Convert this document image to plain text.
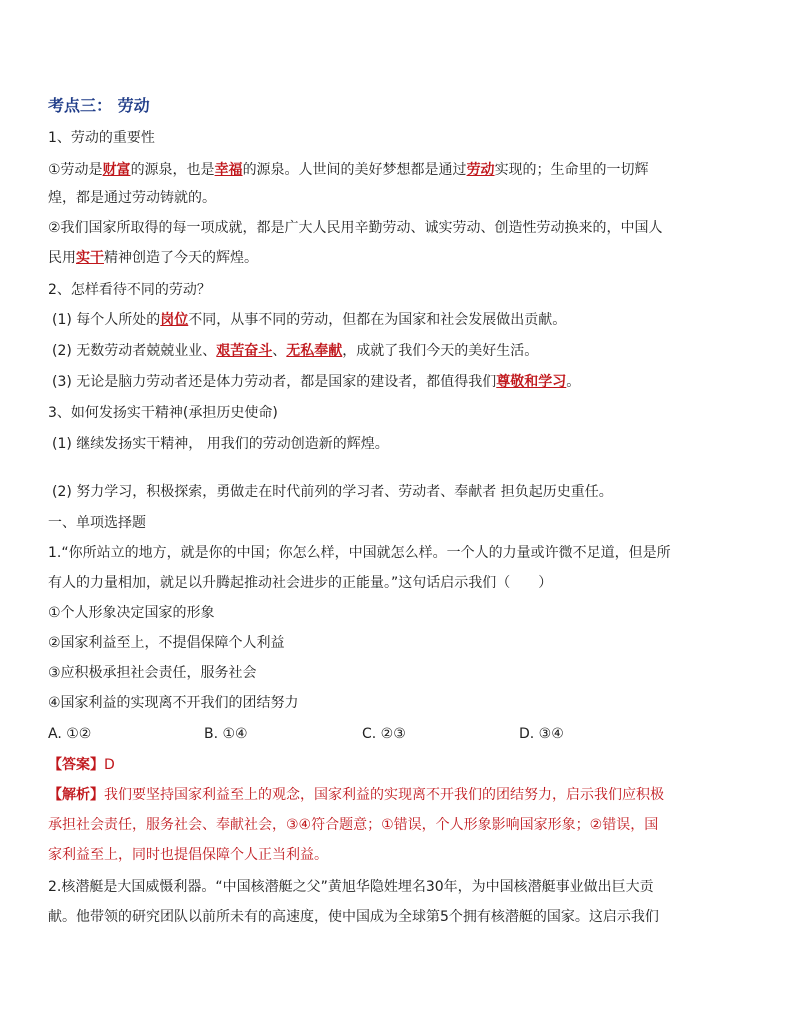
考点三： 劳动
1、劳动的重要性
①劳动是财富的源泉，也是幸福的源泉。人世间的美好梦想都是通过劳动实现的；生命里的一切辉
煌，都是通过劳动铸就的。
②我们国家所取得的每一项成就，都是广大人民用辛勤劳动、诚实劳动、创造性劳动换来的，中国人
民用实干精神创造了今天的辉煌。
2、怎样看待不同的劳动？
(1) 每个人所处的岗位不同，从事不同的劳动，但都在为国家和社会发展做出贡献。
(2) 无数劳动者兢兢业业、艰苦奋斗、无私奉献，成就了我们今天的美好生活。
(3) 无论是脑力劳动者还是体力劳动者，都是国家的建设者，都值得我们尊敬和学习。
3、如何发扬实干精神(承担历史使命)
(1) 继续发扬实干精神， 用我们的劳动创造新的辉煌。
(2) 努力学习，积极探索，勇做走在时代前列的学习者、劳动者、奉献者 担负起历史重任。
一、单项选择题
1.“你所站立的地方，就是你的中国；你怎么样，中国就怎么样。一个人的力量或许微不足道，但是所
有人的力量相加，就足以升腾起推动社会进步的正能量。”这句话启示我们（　　）
①个人形象决定国家的形象
②国家利益至上，不提倡保障个人利益
③应积极承担社会责任，服务社会
④国家利益的实现离不开我们的团结努力
A. ①②	B. ①④	C. ②③	D. ③④
【答案】D
【解析】我们要坚持国家利益至上的观念，国家利益的实现离不开我们的团结努力，启示我们应积极
承担社会责任，服务社会、奉献社会，③④符合题意；①错误，个人形象影响国家形象；②错误，国
家利益至上，同时也提倡保障个人正当利益。
2.核潜艇是大国威慑利器。“中国核潜艇之父”黄旭华隐姓埋名30年，为中国核潜艇事业做出巨大贡
献。他带领的研究团队以前所未有的高速度，使中国成为全球第5个拥有核潜艇的国家。这启示我们
